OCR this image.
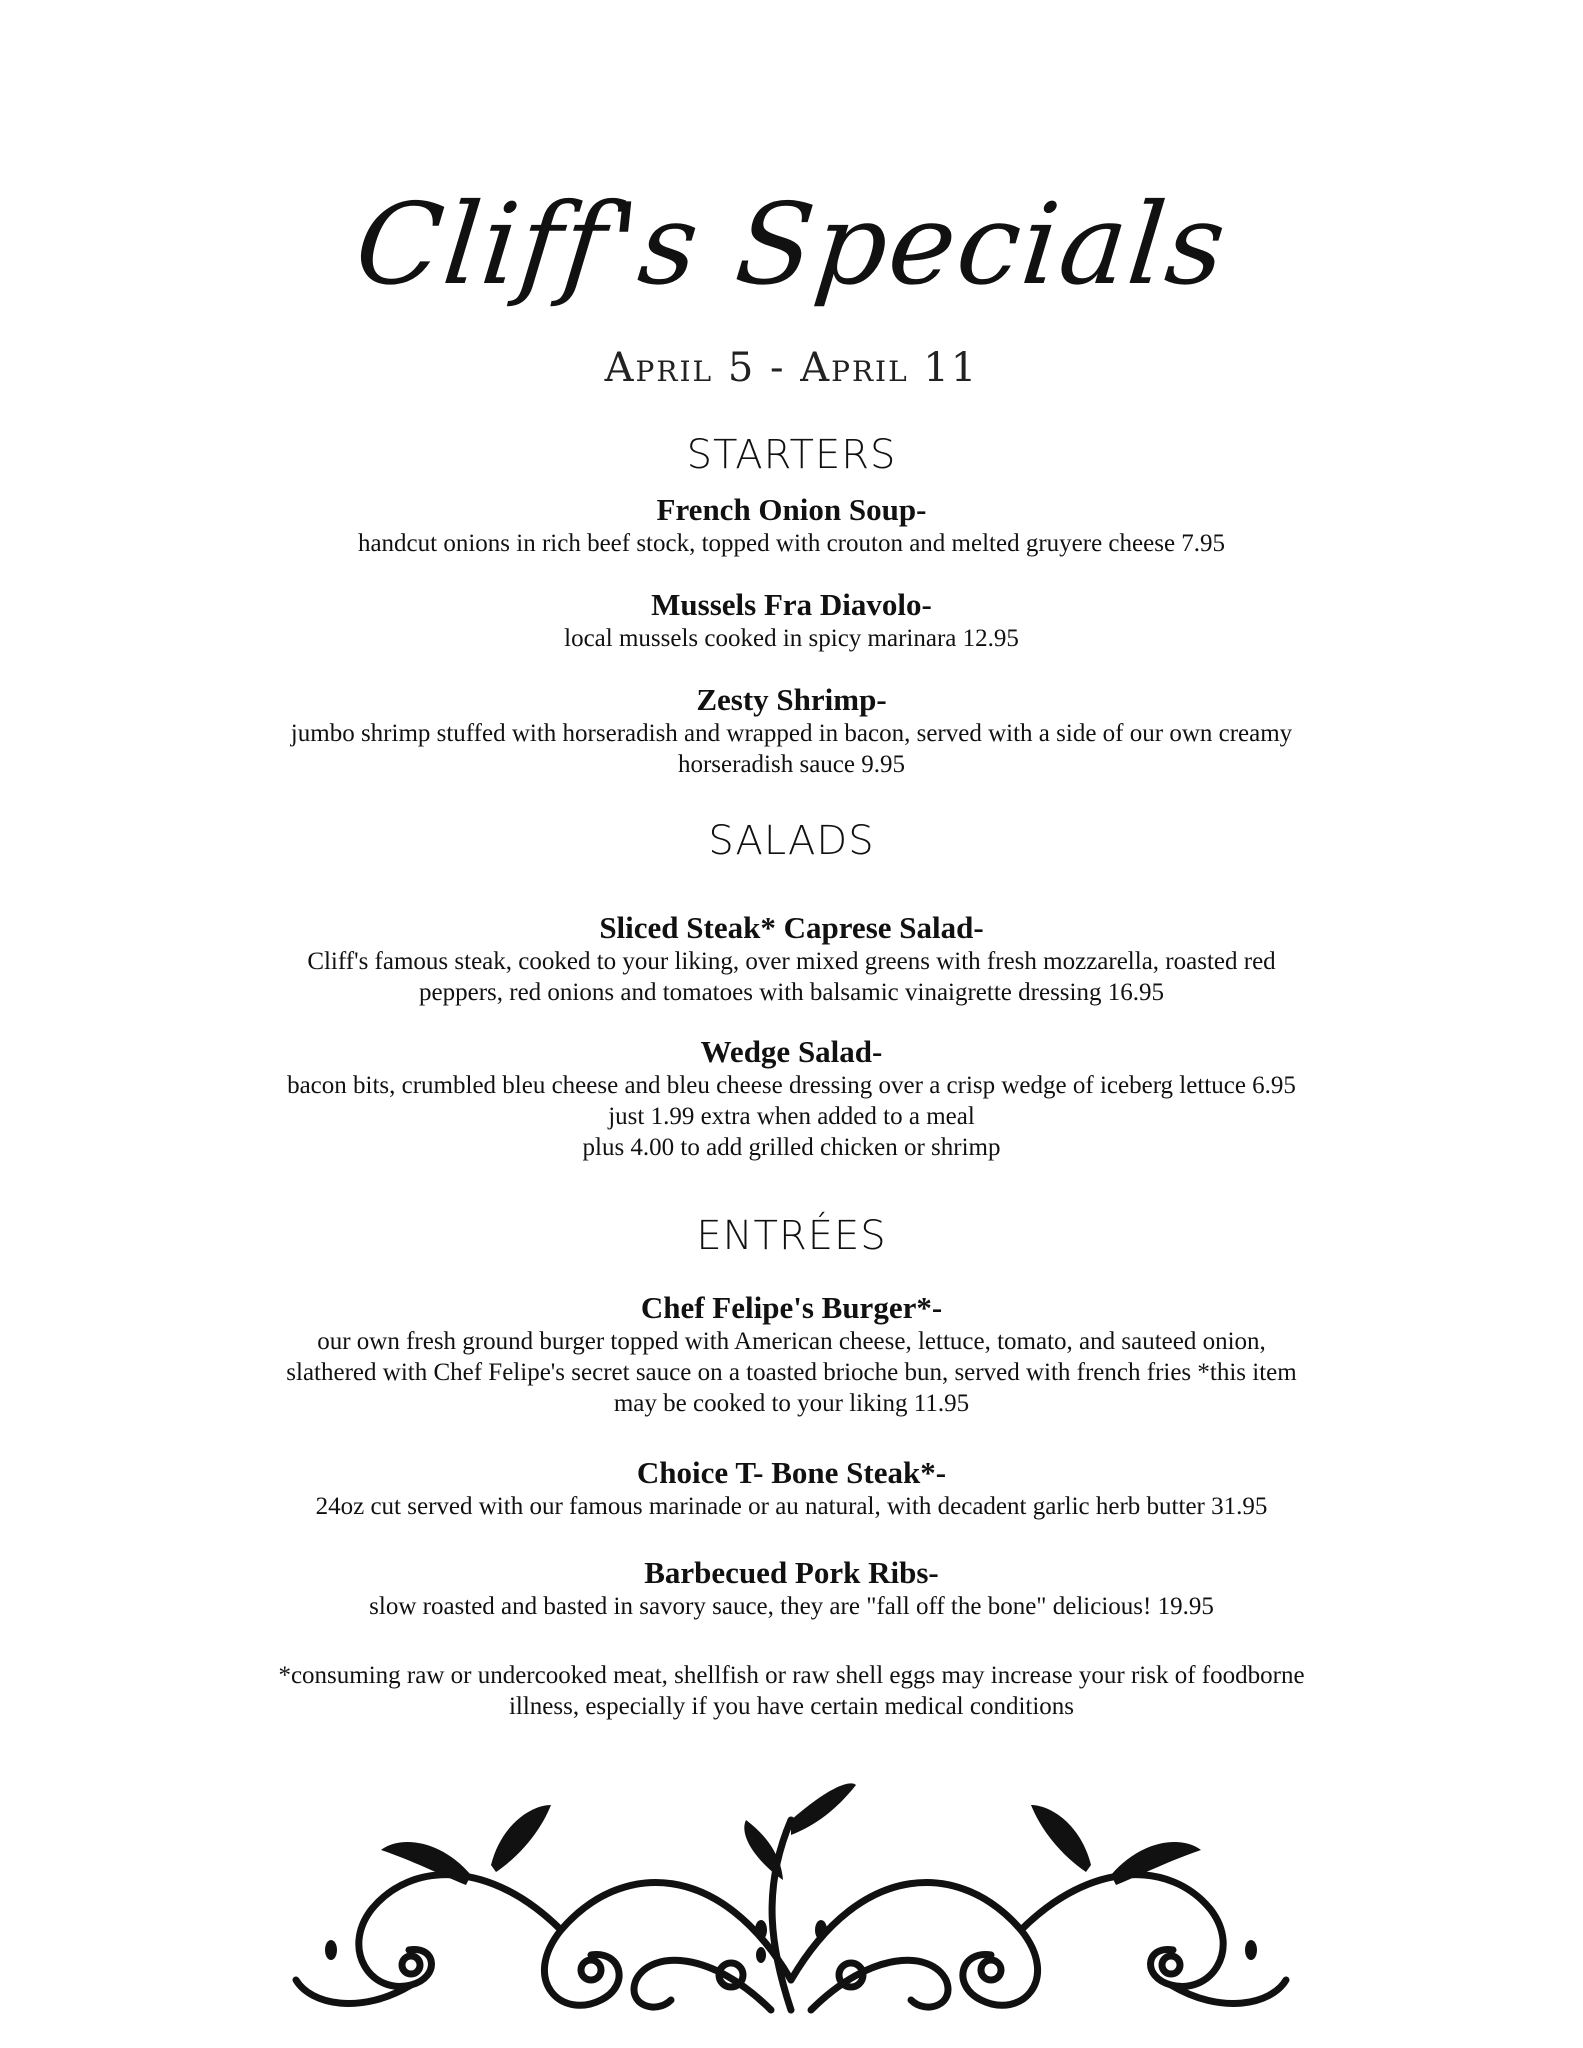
Cliff's Specials
April 5 - April 11
STARTERS
French Onion Soup-
handcut onions in rich beef stock, topped with crouton and melted gruyere cheese 7.95
Mussels Fra Diavolo-
local mussels cooked in spicy marinara 12.95
Zesty Shrimp-
jumbo shrimp stuffed with horseradish and wrapped in bacon, served with a side of our own creamy
horseradish sauce 9.95
SALADS
Sliced Steak* Caprese Salad-
Cliff's famous steak, cooked to your liking, over mixed greens with fresh mozzarella, roasted red
peppers, red onions and tomatoes with balsamic vinaigrette dressing 16.95
Wedge Salad-
bacon bits, crumbled bleu cheese and bleu cheese dressing over a crisp wedge of iceberg lettuce 6.95
just 1.99 extra when added to a meal
plus 4.00 to add grilled chicken or shrimp
ENTRÉES
Chef Felipe's Burger*-
our own fresh ground burger topped with American cheese, lettuce, tomato, and sauteed onion,
slathered with Chef Felipe's secret sauce on a toasted brioche bun, served with french fries *this item
may be cooked to your liking 11.95
Choice T- Bone Steak*-
24oz cut served with our famous marinade or au natural, with decadent garlic herb butter 31.95
Barbecued Pork Ribs-
slow roasted and basted in savory sauce, they are "fall off the bone" delicious! 19.95
*consuming raw or undercooked meat, shellfish or raw shell eggs may increase your risk of foodborne
illness, especially if you have certain medical conditions
